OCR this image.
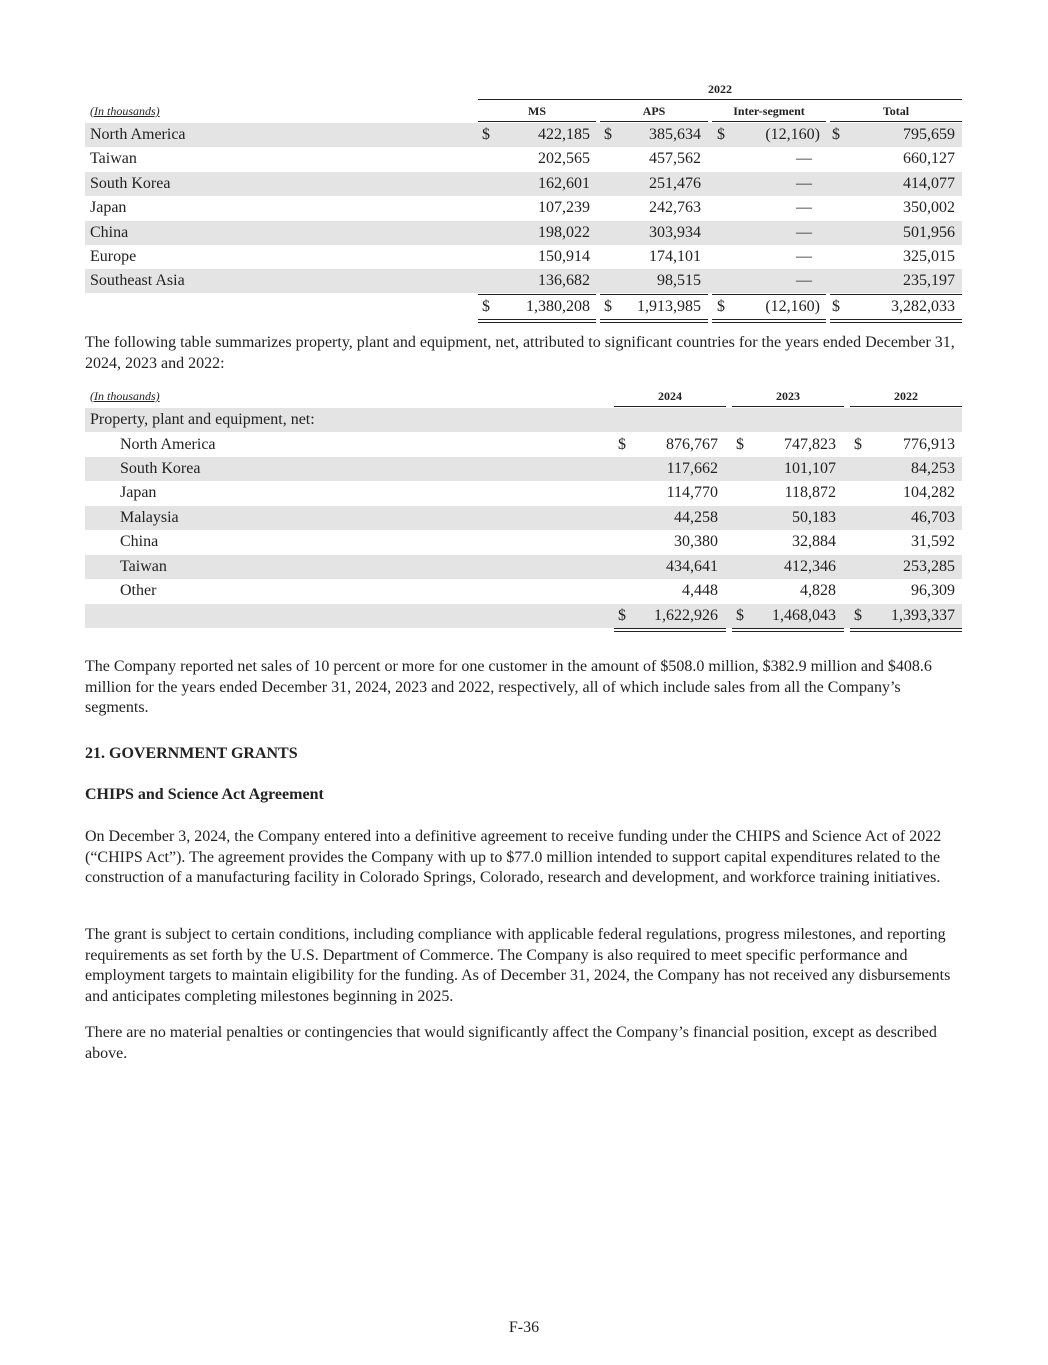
2022
(In thousands)	MS	APS	Inter-segment	Total
North America	$	422,185 $ 385,634 $	(12,160) $	795,659
Taiwan	202,565	457,562	—	660,127
South Korea	162,601	251,476	—	414,077
Japan	107,239	242,763	—	350,002
China	198,022	303,934	—	501,956
Europe	150,914	174,101	—	325,015
Southeast Asia	136,682	98,515	—	235,197
$ 1,380,208 $ 1,913,985 $	(12,160) $	3,282,033
The following table summarizes property, plant and equipment, net, attributed to significant countries for the years ended December 31, 2024, 2023 and 2022:
(In thousands)	2024	2023	2022
Property, plant and equipment, net:
North America	$	876,767 $	747,823 $	776,913
South Korea	117,662	101,107	84,253
Japan	114,770	118,872	104,282
Malaysia	44,258	50,183	46,703
China	30,380	32,884	31,592
Taiwan	434,641	412,346	253,285
Other	4,448	4,828	96,309
$ 1,622,926 $ 1,468,043 $ 1,393,337
The Company reported net sales of 10 percent or more for one customer in the amount of $508.0 million, $382.9 million and $408.6 million for the years ended December 31, 2024, 2023 and 2022, respectively, all of which include sales from all the Company’s segments.
21. GOVERNMENT GRANTS
CHIPS and Science Act Agreement
On December 3, 2024, the Company entered into a definitive agreement to receive funding under the CHIPS and Science Act of 2022 (“CHIPS Act”). The agreement provides the Company with up to $77.0 million intended to support capital expenditures related to the construction of a manufacturing facility in Colorado Springs, Colorado, research and development, and workforce training initiatives.
The grant is subject to certain conditions, including compliance with applicable federal regulations, progress milestones, and reporting requirements as set forth by the U.S. Department of Commerce. The Company is also required to meet specific performance and employment targets to maintain eligibility for the funding. As of December 31, 2024, the Company has not received any disbursements and anticipates completing milestones beginning in 2025.
There are no material penalties or contingencies that would significantly affect the Company’s financial position, except as described above.
F-36
